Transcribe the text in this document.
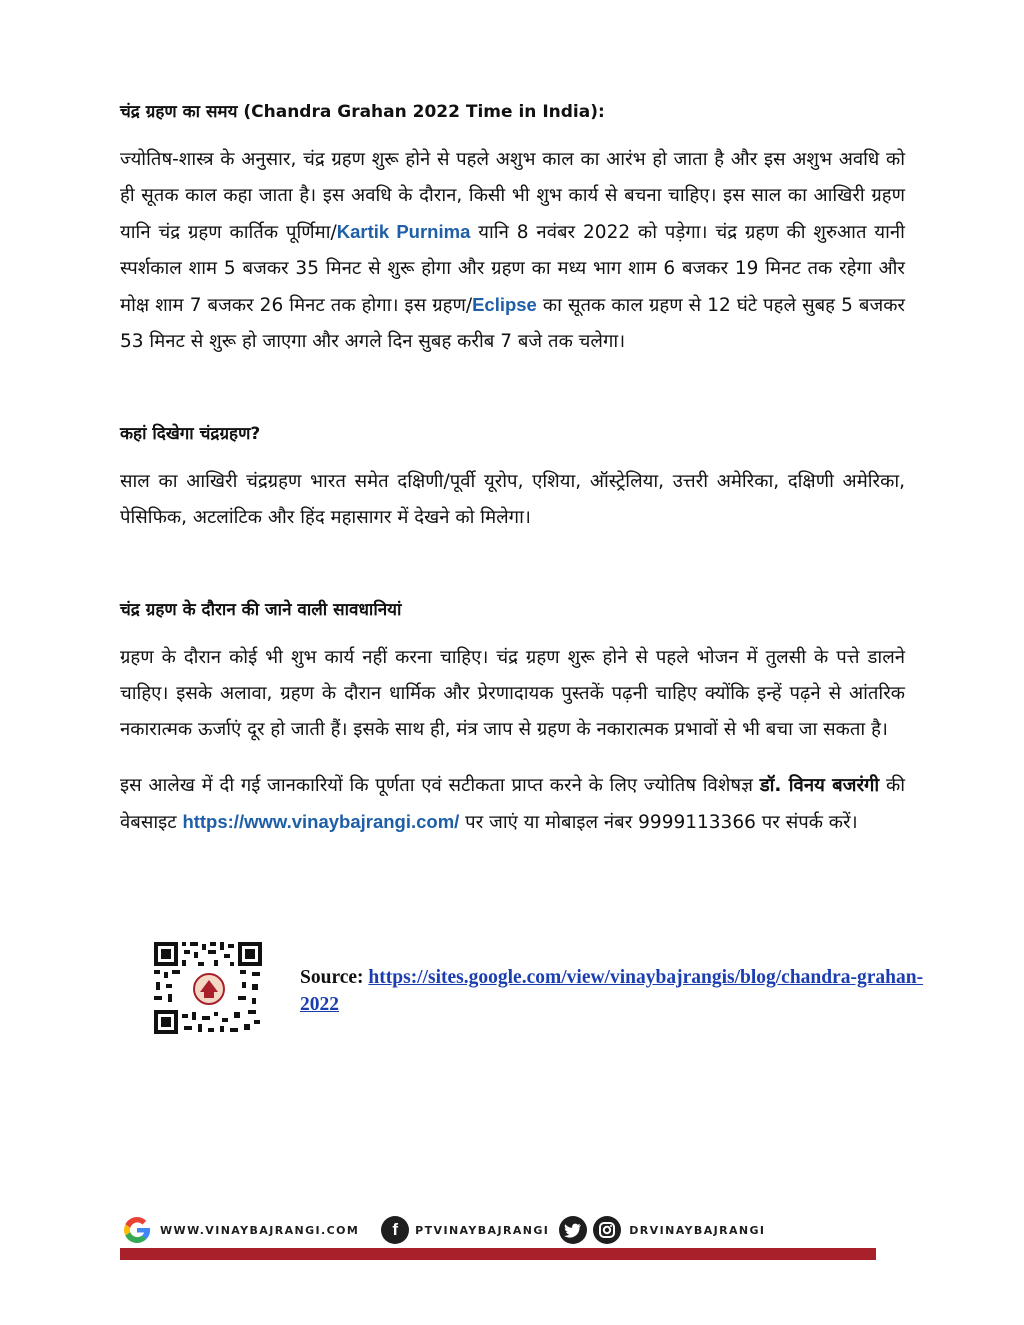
चंद्र ग्रहण का समय (Chandra Grahan 2022 Time in India):
ज्योतिष-शास्त्र के अनुसार, चंद्र ग्रहण शुरू होने से पहले अशुभ काल का आरंभ हो जाता है और इस अशुभ अवधि को ही सूतक काल कहा जाता है। इस अवधि के दौरान, किसी भी शुभ कार्य से बचना चाहिए। इस साल का आखिरी ग्रहण यानि चंद्र ग्रहण कार्तिक पूर्णिमा/Kartik Purnima यानि 8 नवंबर 2022 को पड़ेगा। चंद्र ग्रहण की शुरुआत यानी स्पर्शकाल शाम 5 बजकर 35 मिनट से शुरू होगा और ग्रहण का मध्य भाग शाम 6 बजकर 19 मिनट तक रहेगा और मोक्ष शाम 7 बजकर 26 मिनट तक होगा। इस ग्रहण/Eclipse का सूतक काल ग्रहण से 12 घंटे पहले सुबह 5 बजकर 53 मिनट से शुरू हो जाएगा और अगले दिन सुबह करीब 7 बजे तक चलेगा।
कहां दिखेगा चंद्रग्रहण?
साल का आखिरी चंद्रग्रहण भारत समेत दक्षिणी/पूर्वी यूरोप, एशिया, ऑस्ट्रेलिया, उत्तरी अमेरिका, दक्षिणी अमेरिका, पेसिफिक, अटलांटिक और हिंद महासागर में देखने को मिलेगा।
चंद्र ग्रहण के दौरान की जाने वाली सावधानियां
ग्रहण के दौरान कोई भी शुभ कार्य नहीं करना चाहिए। चंद्र ग्रहण शुरू होने से पहले भोजन में तुलसी के पत्ते डालने चाहिए। इसके अलावा, ग्रहण के दौरान धार्मिक और प्रेरणादायक पुस्तकें पढ़नी चाहिए क्योंकि इन्हें पढ़ने से आंतरिक नकारात्मक ऊर्जाएं दूर हो जाती हैं। इसके साथ ही, मंत्र जाप से ग्रहण के नकारात्मक प्रभावों से भी बचा जा सकता है।
इस आलेख में दी गई जानकारियों कि पूर्णता एवं सटीकता प्राप्त करने के लिए ज्योतिष विशेषज्ञ डॉ. विनय बजरंगी की वेबसाइट https://www.vinaybajrangi.com/ पर जाएं या मोबाइल नंबर 9999113366 पर संपर्क करें।
Source: https://sites.google.com/view/vinaybajrangis/blog/chandra-grahan-2022
WWW.VINAYBAJRANGI.COM	f	PTVINAYBAJRANGI	DRVINAYBAJRANGI
